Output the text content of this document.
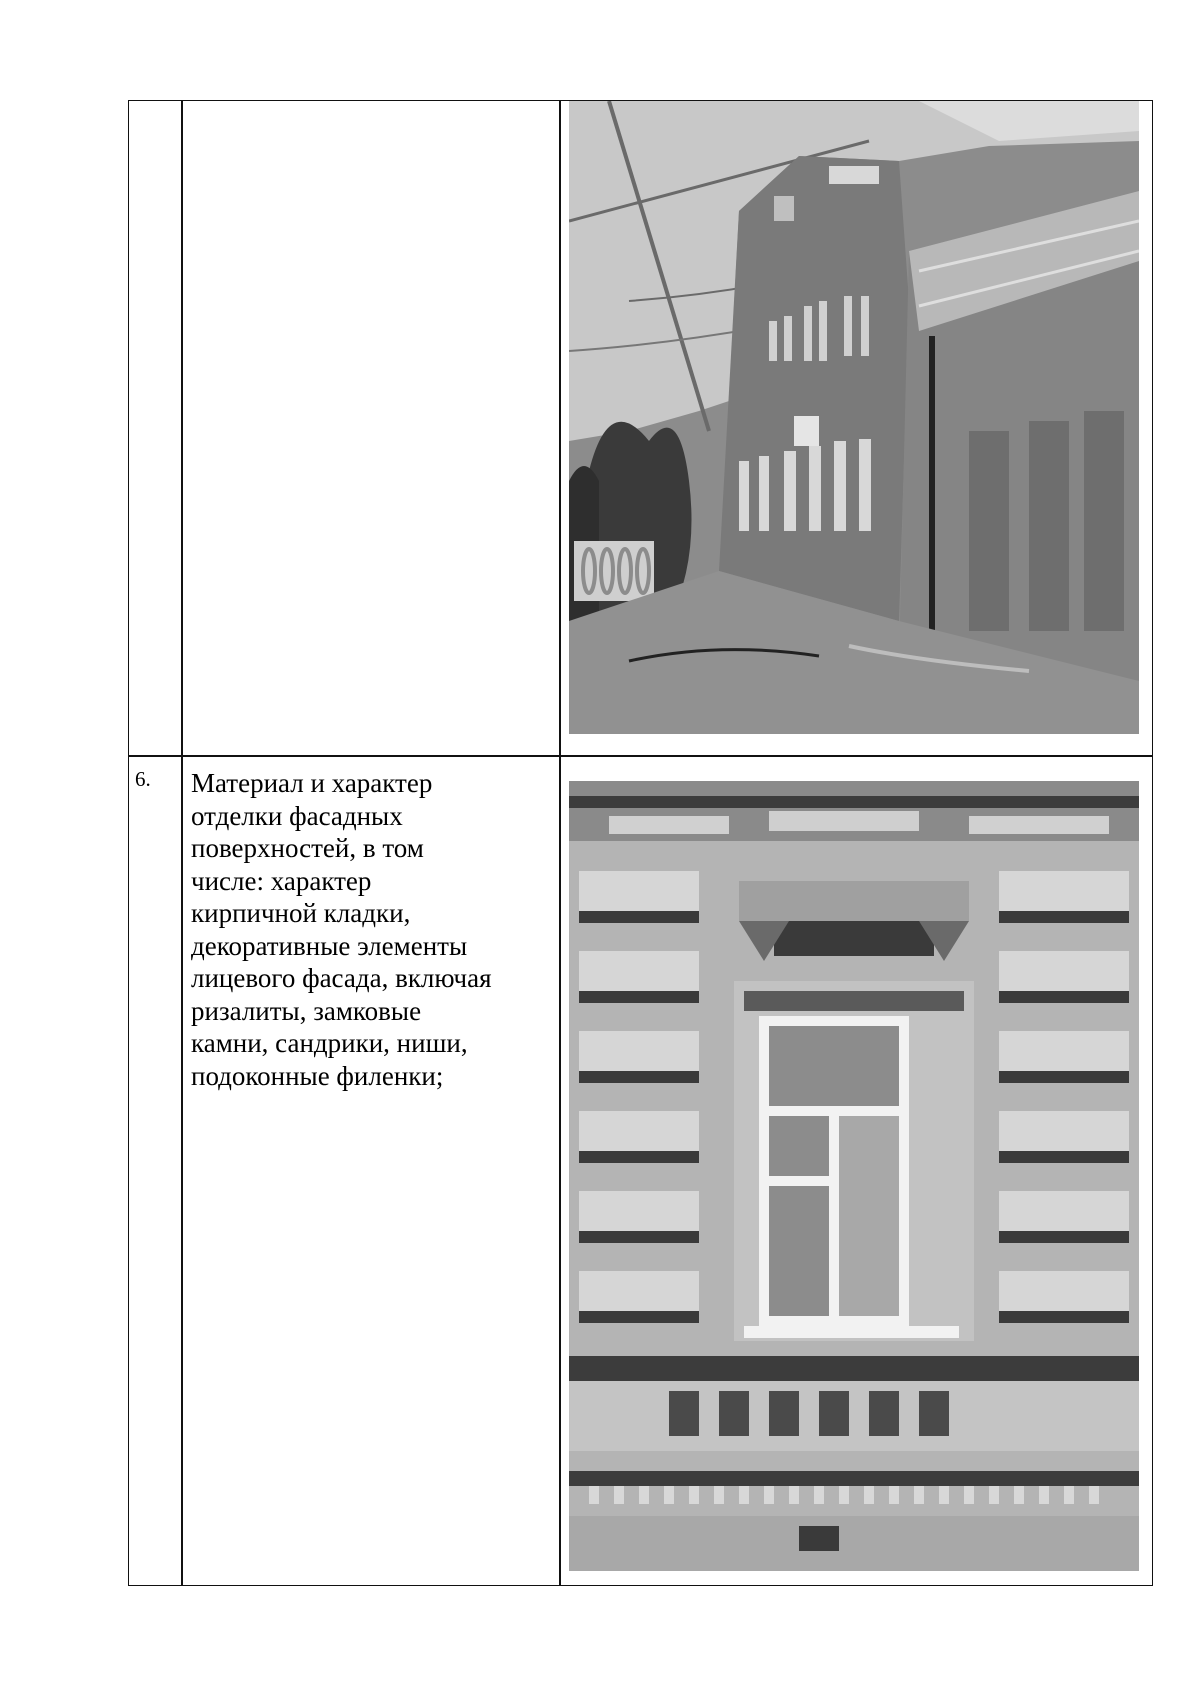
6. Материал и характер
отделки фасадных
поверхностей, в том
числе: характер
кирпичной кладки,
декоративные элементы
лицевого фасада, включая
ризалиты, замковые
камни, сандрики, ниши,
подоконные филенки;
